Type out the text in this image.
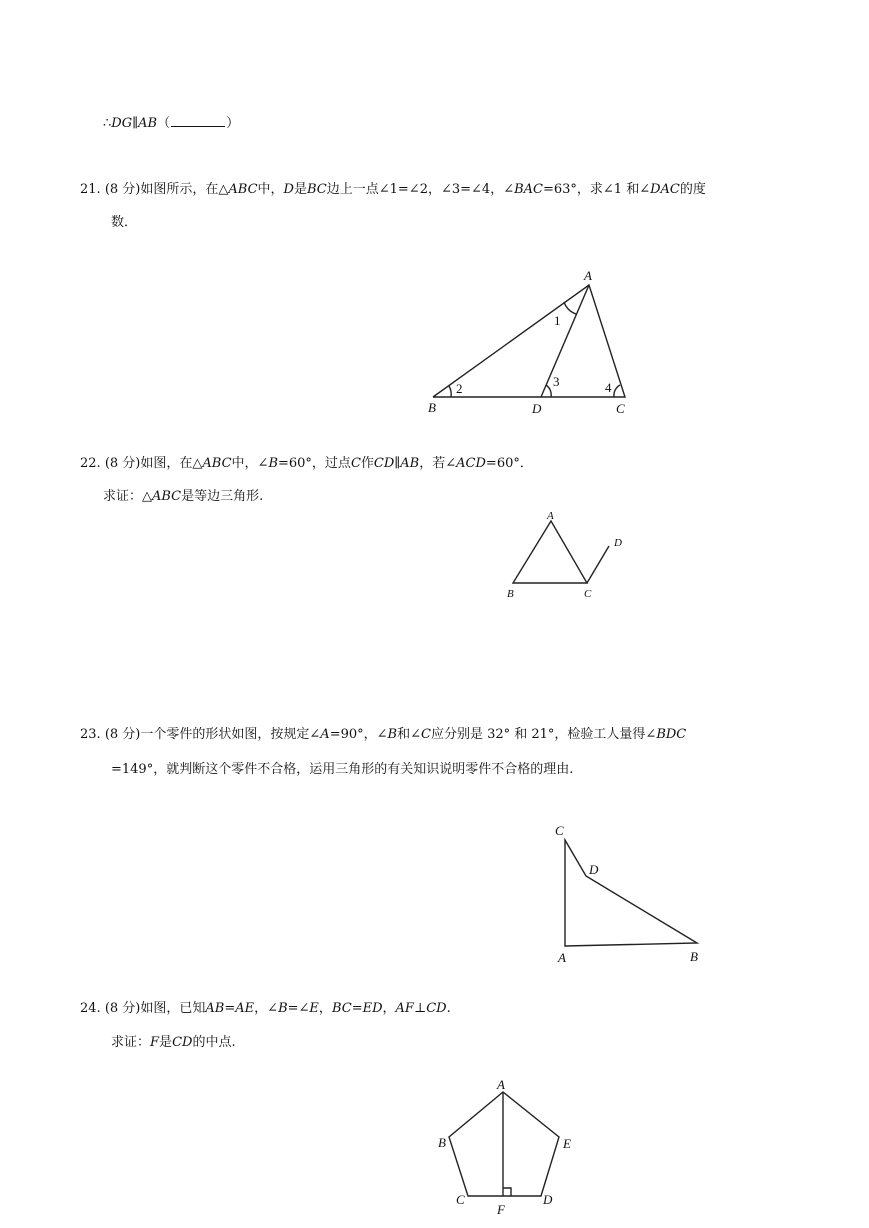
∴DG∥AB（	）
21. (8 分)如图所示，在△ABC中，D是BC边上一点∠1=∠2，∠3=∠4，∠BAC=63°，求∠1 和∠DAC的度
数．
A
B	C
D
1
2	3	4
22. (8 分)如图，在△ABC中，∠B=60°，过点C作CD∥AB，若∠ACD=60°．
求证：△ABC是等边三角形.
A
B	C
D
23. (8 分)一个零件的形状如图，按规定∠A=90°，∠B和∠C应分别是 32° 和 21°，检验工人量得∠BDC
=149°，就判断这个零件不合格，运用三角形的有关知识说明零件不合格的理由.
C
D
A	B
24. (8 分)如图，已知AB=AE，∠B=∠E，BC=ED，AF⊥CD.
求证：F是CD的中点.
A
B	E
C	D
F
